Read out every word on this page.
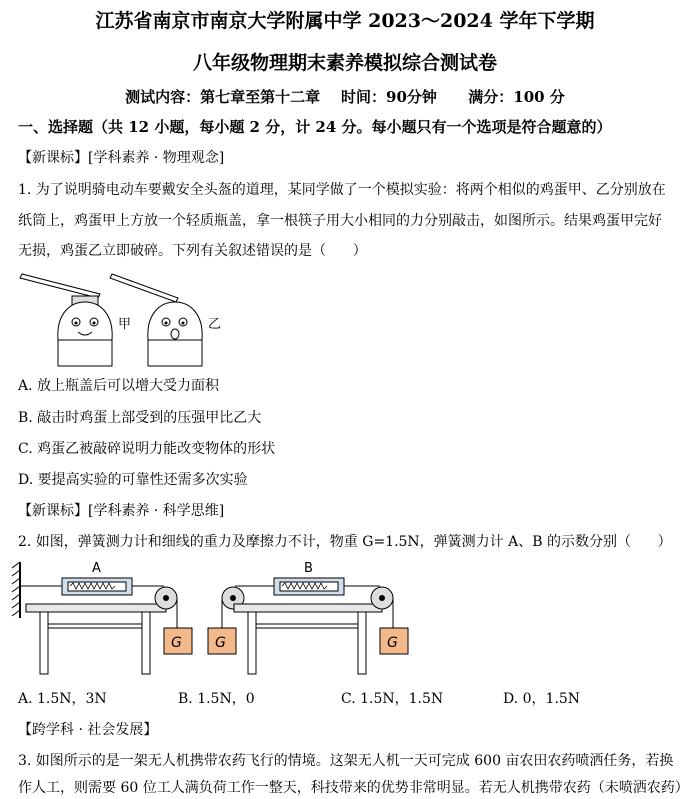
江苏省南京市南京大学附属中学 2023～2024 学年下学期
八年级物理期末素养模拟综合测试卷
测试内容：第七章至第十二章    时间：90分钟      满分：100 分
一、选择题（共 12 小题，每小题 2 分，计 24 分。每小题只有一个选项是符合题意的）
【新课标】[学科素养 · 物理观念]
1. 为了说明骑电动车要戴安全头盔的道理，某同学做了一个模拟实验：将两个相似的鸡蛋甲、乙分别放在
纸筒上，鸡蛋甲上方放一个轻质瓶盖，拿一根筷子用大小相同的力分别敲击，如图所示。结果鸡蛋甲完好
无损，鸡蛋乙立即破碎。下列有关叙述错误的是（      ）
甲	乙
A. 放上瓶盖后可以增大受力面积
B. 敲击时鸡蛋上部受到的压强甲比乙大
C. 鸡蛋乙被敲碎说明力能改变物体的形状
D. 要提高实验的可靠性还需多次实验
【新课标】[学科素养 · 科学思维]
2. 如图，弹簧测力计和细线的重力及摩擦力不计，物重 G=1.5N，弹簧测力计 A、B 的示数分别（      ）
A
G G
B
G
A. 1.5N，3N	B. 1.5N，0	C. 1.5N，1.5N	D. 0，1.5N
【跨学科 · 社会发展】
3. 如图所示的是一架无人机携带农药飞行的情境。这架无人机一天可完成 600 亩农田农药喷洒任务，若换
作人工，则需要 60 位工人满负荷工作一整天，科技带来的优势非常明显。若无人机携带农药（未喷洒农药）
